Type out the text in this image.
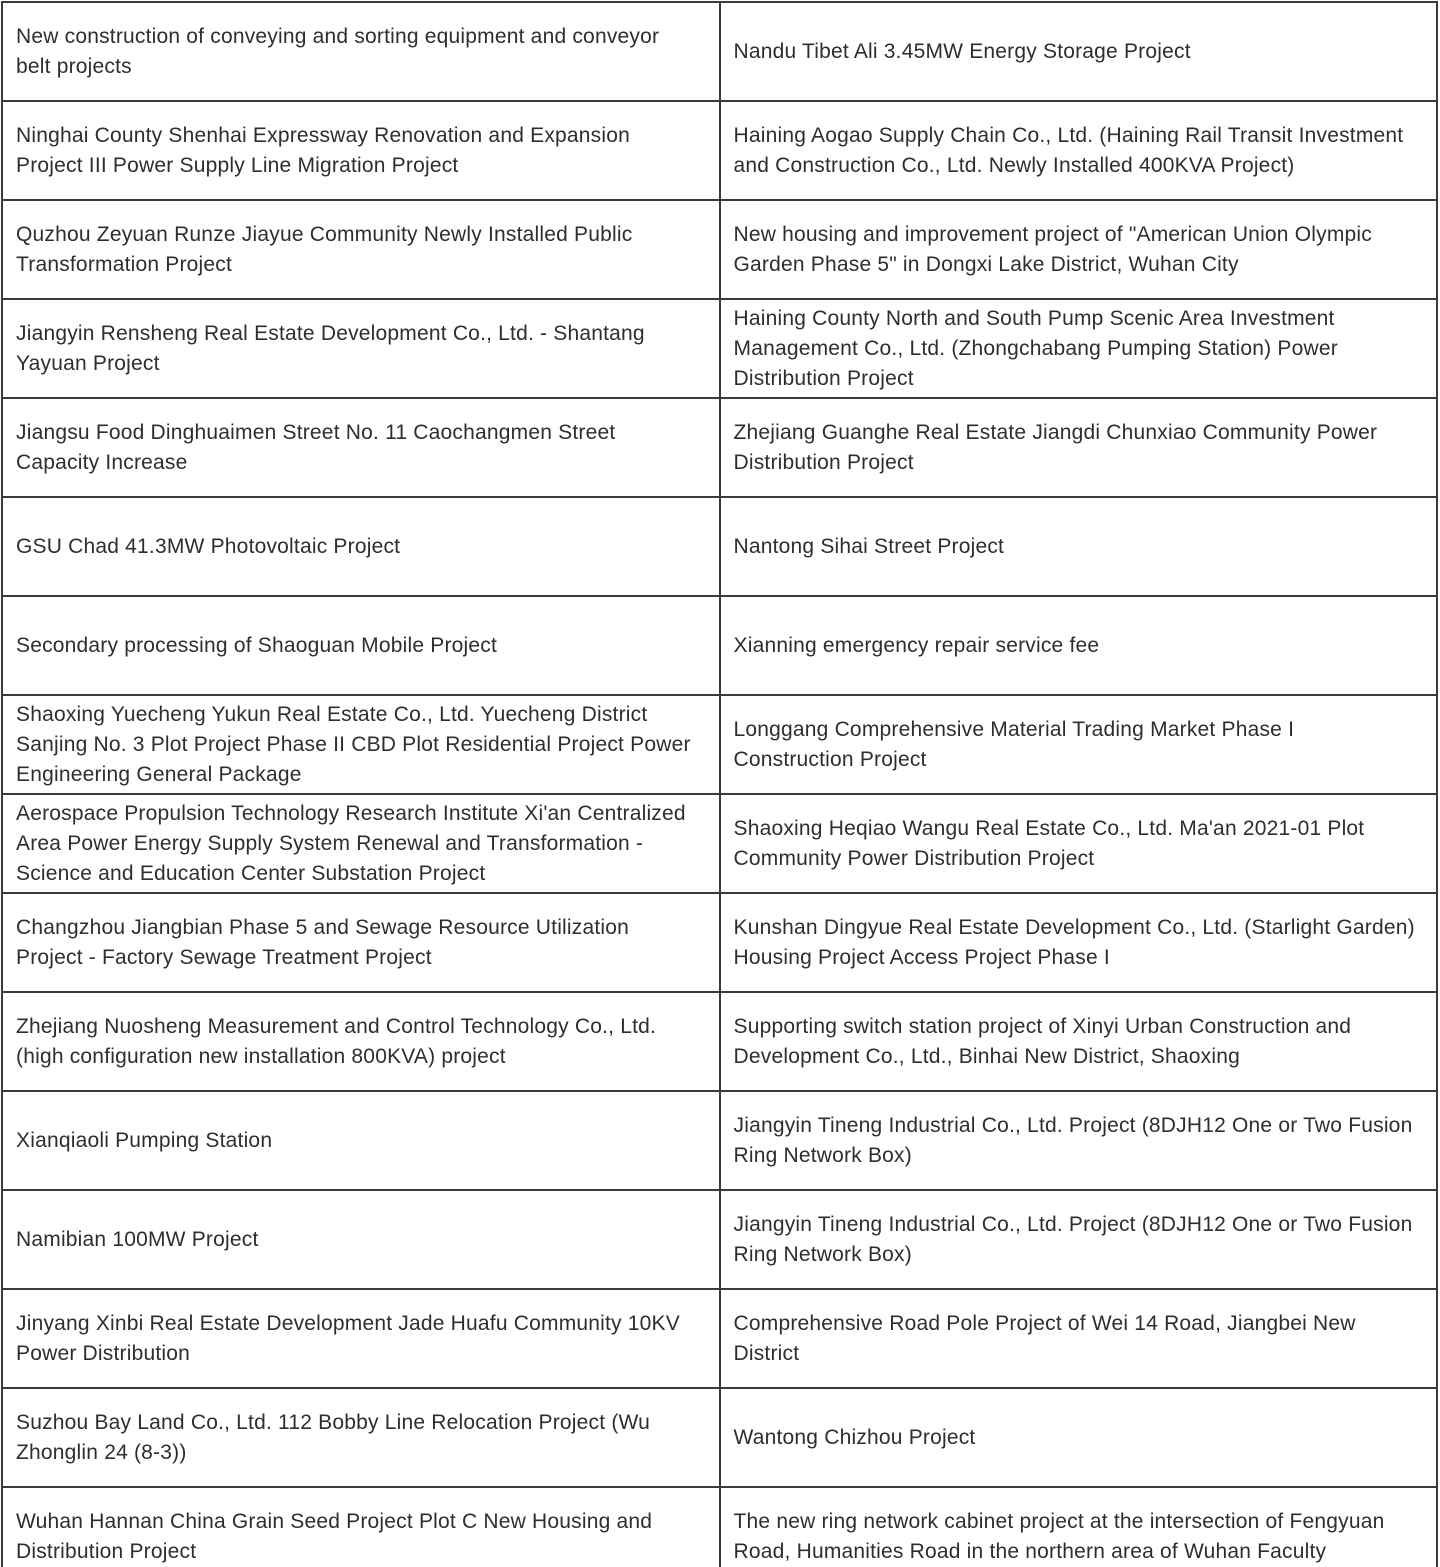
New construction of conveying and sorting equipment and conveyor belt projects	Nandu Tibet Ali 3.45MW Energy Storage Project
Ninghai County Shenhai Expressway Renovation and Expansion Project III Power Supply Line Migration Project	Haining Aogao Supply Chain Co., Ltd. (Haining Rail Transit Investment and Construction Co., Ltd. Newly Installed 400KVA Project)
Quzhou Zeyuan Runze Jiayue Community Newly Installed Public Transformation Project	New housing and improvement project of "American Union Olympic Garden Phase 5" in Dongxi Lake District, Wuhan City
Jiangyin Rensheng Real Estate Development Co., Ltd. - Shantang Yayuan Project	Haining County North and South Pump Scenic Area Investment Management Co., Ltd. (Zhongchabang Pumping Station) Power Distribution Project
Jiangsu Food Dinghuaimen Street No. 11 Caochangmen Street Capacity Increase	Zhejiang Guanghe Real Estate Jiangdi Chunxiao Community Power Distribution Project
GSU Chad 41.3MW Photovoltaic Project	Nantong Sihai Street Project
Secondary processing of Shaoguan Mobile Project	Xianning emergency repair service fee
Shaoxing Yuecheng Yukun Real Estate Co., Ltd. Yuecheng District Sanjing No. 3 Plot Project Phase II CBD Plot Residential Project Power Engineering General Package	Longgang Comprehensive Material Trading Market Phase I Construction Project
Aerospace Propulsion Technology Research Institute Xi'an Centralized Area Power Energy Supply System Renewal and Transformation - Science and Education Center Substation Project	Shaoxing Heqiao Wangu Real Estate Co., Ltd. Ma'an 2021-01 Plot Community Power Distribution Project
Changzhou Jiangbian Phase 5 and Sewage Resource Utilization Project - Factory Sewage Treatment Project	Kunshan Dingyue Real Estate Development Co., Ltd. (Starlight Garden) Housing Project Access Project Phase I
Zhejiang Nuosheng Measurement and Control Technology Co., Ltd. (high configuration new installation 800KVA) project	Supporting switch station project of Xinyi Urban Construction and Development Co., Ltd., Binhai New District, Shaoxing
Xianqiaoli Pumping Station	Jiangyin Tineng Industrial Co., Ltd. Project (8DJH12 One or Two Fusion Ring Network Box)
Namibian 100MW Project	Jiangyin Tineng Industrial Co., Ltd. Project (8DJH12 One or Two Fusion Ring Network Box)
Jinyang Xinbi Real Estate Development Jade Huafu Community 10KV Power Distribution	Comprehensive Road Pole Project of Wei 14 Road, Jiangbei New District
Suzhou Bay Land Co., Ltd. 112 Bobby Line Relocation Project (Wu Zhonglin 24 (8-3))	Wantong Chizhou Project
Wuhan Hannan China Grain Seed Project Plot C New Housing and Distribution Project	The new ring network cabinet project at the intersection of Fengyuan Road, Humanities Road in the northern area of Wuhan Faculty
